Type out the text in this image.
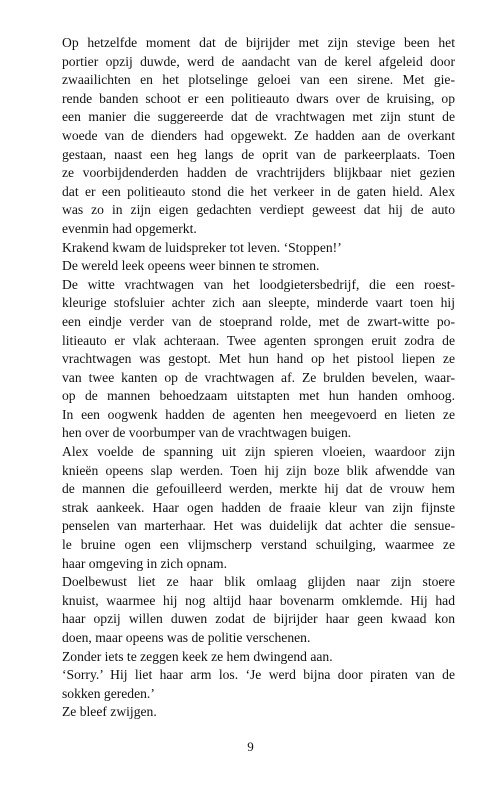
Op hetzelfde moment dat de bijrijder met zijn stevige been het
portier opzij duwde, werd de aandacht van de kerel afgeleid door
zwaailichten en het plotselinge geloei van een sirene. Met gie-
rende banden schoot er een politieauto dwars over de kruising, op
een manier die suggereerde dat de vrachtwagen met zijn stunt de
woede van de dienders had opgewekt. Ze hadden aan de overkant
gestaan, naast een heg langs de oprit van de parkeerplaats. Toen
ze voorbijdenderden hadden de vrachtrijders blijkbaar niet gezien
dat er een politieauto stond die het verkeer in de gaten hield. Alex
was zo in zijn eigen gedachten verdiept geweest dat hij de auto
evenmin had opgemerkt.

Krakend kwam de luidspreker tot leven. ‘Stoppen!’

De wereld leek opeens weer binnen te stromen.

De witte vrachtwagen van het loodgietersbedrijf, die een roest-
kleurige stofsluier achter zich aan sleepte, minderde vaart toen hij
een eindje verder van de stoeprand rolde, met de zwart-witte po-
litieauto er vlak achteraan. Twee agenten sprongen eruit zodra de
vrachtwagen was gestopt. Met hun hand op het pistool liepen ze
van twee kanten op de vrachtwagen af. Ze brulden bevelen, waar-
op de mannen behoedzaam uitstapten met hun handen omhoog.
In een oogwenk hadden de agenten hen meegevoerd en lieten ze
hen over de voorbumper van de vrachtwagen buigen.

Alex voelde de spanning uit zijn spieren vloeien, waardoor zijn
knieën opeens slap werden. Toen hij zijn boze blik afwendde van
de mannen die gefouilleerd werden, merkte hij dat de vrouw hem
strak aankeek. Haar ogen hadden de fraaie kleur van zijn fijnste
penselen van marterhaar. Het was duidelijk dat achter die sensue-
le bruine ogen een vlijmscherp verstand schuilging, waarmee ze
haar omgeving in zich opnam.

Doelbewust liet ze haar blik omlaag glijden naar zijn stoere
knuist, waarmee hij nog altijd haar bovenarm omklemde. Hij had
haar opzij willen duwen zodat de bijrijder haar geen kwaad kon
doen, maar opeens was de politie verschenen.

Zonder iets te zeggen keek ze hem dwingend aan.

‘Sorry.’ Hij liet haar arm los. ‘Je werd bijna door piraten van de
sokken gereden.’

Ze bleef zwijgen.

9
